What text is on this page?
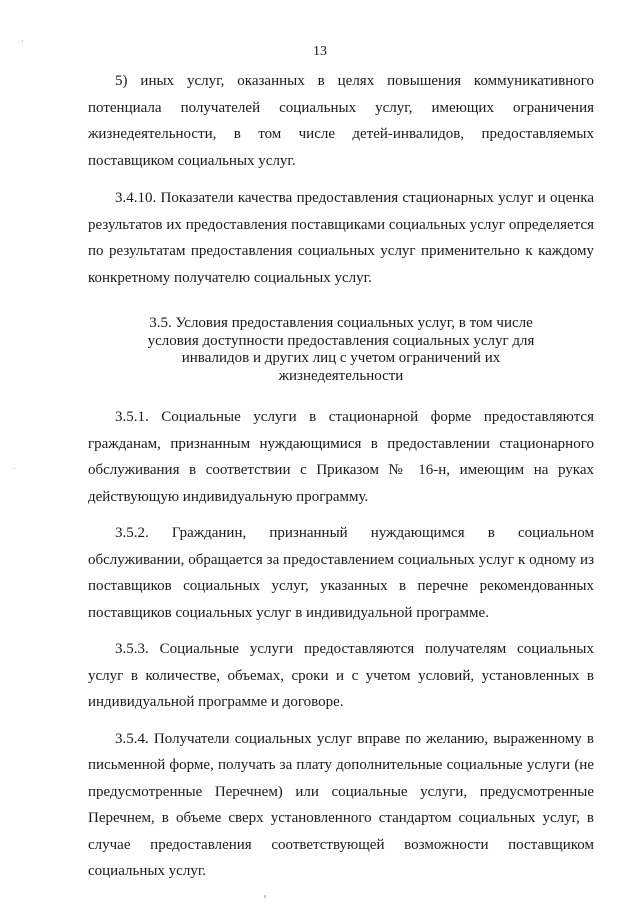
13

5) иных услуг, оказанных в целях повышения коммуникативного потенциала получателей социальных услуг, имеющих ограничения жизнедеятельности, в том числе детей-инвалидов, предоставляемых поставщиком социальных услуг.

3.4.10. Показатели качества предоставления стационарных услуг и оценка результатов их предоставления поставщиками социальных услуг определяется по результатам предоставления социальных услуг применительно к каждому конкретному получателю социальных услуг.

3.5. Условия предоставления социальных услуг, в том числе
условия доступности предоставления социальных услуг для
инвалидов и других лиц с учетом ограничений их
жизнедеятельности

3.5.1. Социальные услуги в стационарной форме предоставляются гражданам, признанным нуждающимися в предоставлении стационарного обслуживания в соответствии с Приказом № 16-н, имеющим на руках действующую индивидуальную программу.

3.5.2. Гражданин, признанный нуждающимся в социальном обслуживании, обращается за предоставлением социальных услуг к одному из поставщиков социальных услуг, указанных в перечне рекомендованных поставщиков социальных услуг в индивидуальной программе.

3.5.3. Социальные услуги предоставляются получателям социальных услуг в количестве, объемах, сроки и с учетом условий, установленных в индивидуальной программе и договоре.

3.5.4. Получатели социальных услуг вправе по желанию, выраженному в письменной форме, получать за плату дополнительные социальные услуги (не предусмотренные Перечнем) или социальные услуги, предусмотренные Перечнем, в объеме сверх установленного стандартом социальных услуг, в случае предоставления соответствующей возможности поставщиком социальных услуг.
